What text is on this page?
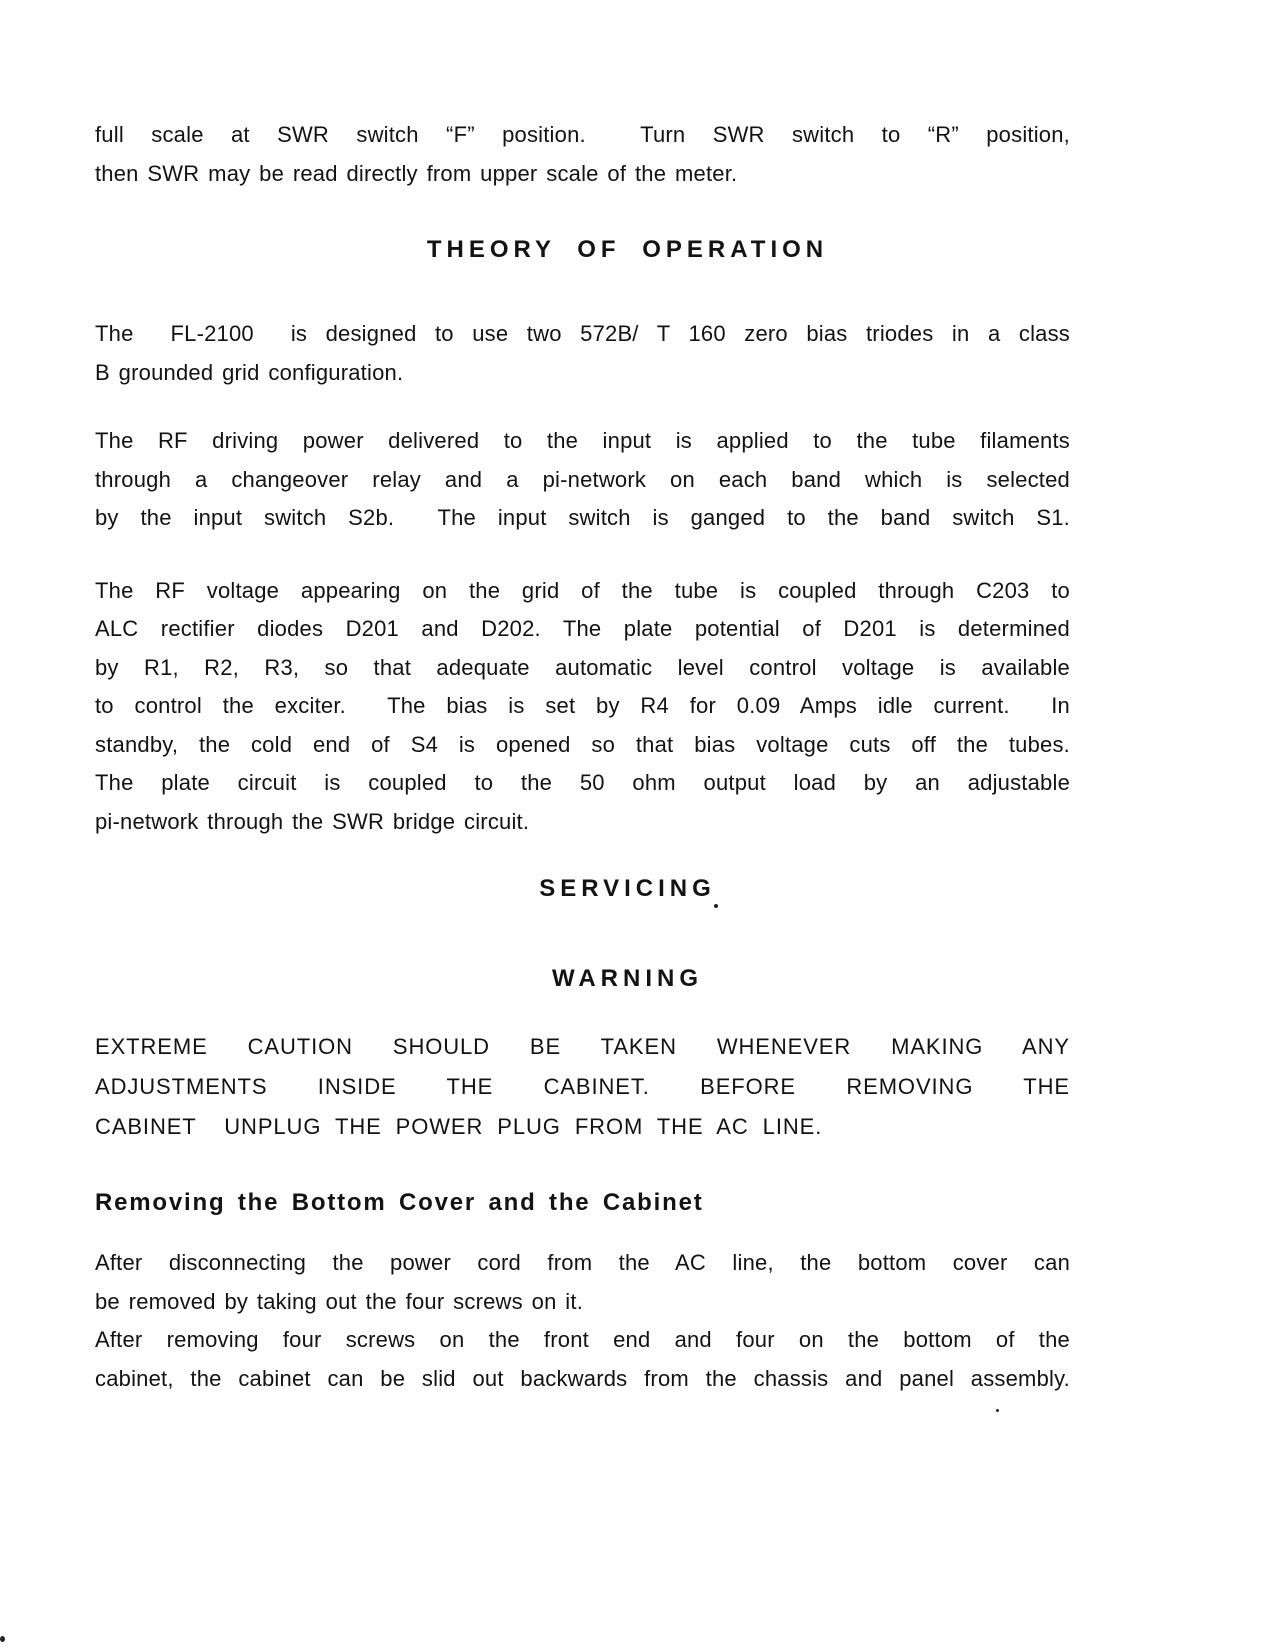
full scale at SWR switch “F” position.  Turn SWR switch to “R” position,
then SWR may be read directly from upper scale of the meter.
THEORY OF OPERATION
The  FL-2100  is designed to use two 572B/ T 160 zero bias triodes in a class
B grounded grid configuration.
The RF driving power delivered to the input is applied to the tube filaments
through a changeover relay and a pi-network on each band which is selected
by the input switch S2b.  The input switch is ganged to the band switch S1.
The RF voltage appearing on the grid of the tube is coupled through C203 to
ALC rectifier diodes D201 and D202. The plate potential of D201 is determined
by R1, R2, R3, so that adequate automatic level control voltage is available
to control the exciter.  The bias is set by R4 for 0.09 Amps idle current.  In
standby, the cold end of S4 is opened so that bias voltage cuts off the tubes.
The plate circuit is coupled to the 50 ohm output load by an adjustable
pi-network through the SWR bridge circuit.
SERVICING
WARNING
EXTREME CAUTION SHOULD BE TAKEN WHENEVER MAKING ANY
ADJUSTMENTS INSIDE THE CABINET. BEFORE REMOVING THE
CABINET  UNPLUG THE POWER PLUG FROM THE AC LINE.
Removing the Bottom Cover and the Cabinet
After disconnecting the power cord from the AC line, the bottom cover can
be removed by taking out the four screws on it.
After removing four screws on the front end and four on the bottom of the
cabinet, the cabinet can be slid out backwards from the chassis and panel assembly.
